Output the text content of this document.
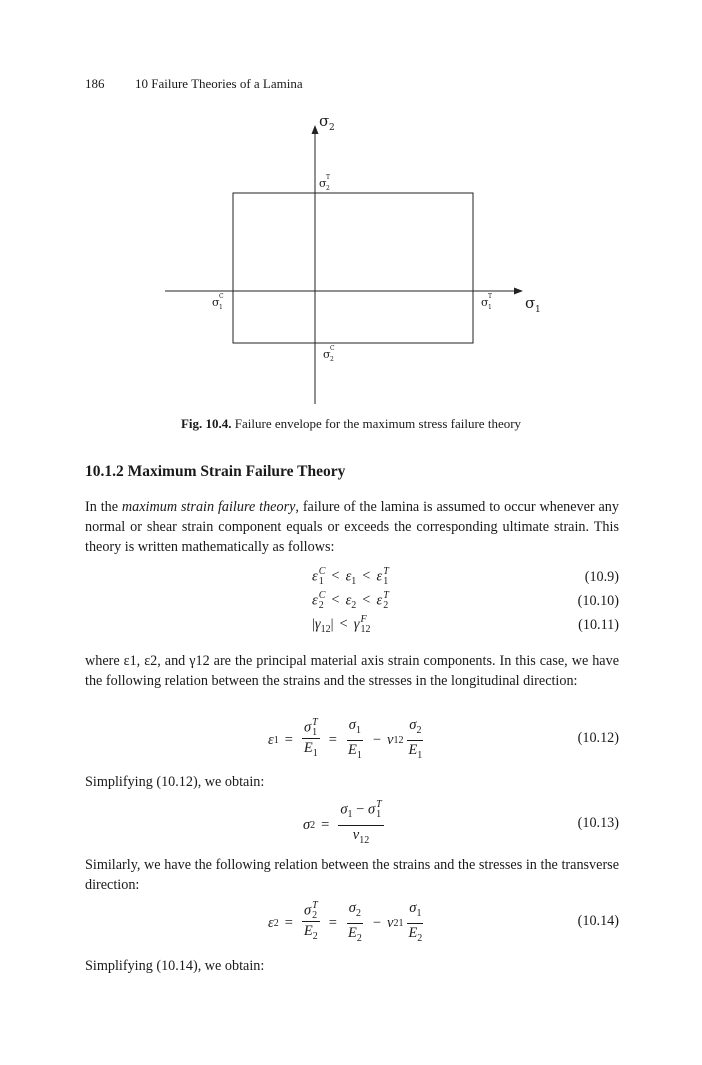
186 10 Failure Theories of a Lamina
σ 2
σ 1
σ T
2
σ C
2
σ C
1	σ T
1
Fig. 10.4. Failure envelope for the maximum stress failure theory
10.1.2 Maximum Strain Failure Theory
In the maximum strain failure theory, failure of the lamina is assumed to occur whenever any normal or shear strain component equals or exceeds the corresponding ultimate strain. This theory is written mathematically as follows:
ε C
$1 < \varepsilon_1 < \varepsilon$ T
1	(10.9)
ε C
$2 < \varepsilon_2 < \varepsilon$ T
2	(10.10)
$|\gamma_{12}| < \gamma$ F
12	(10.11)
where ε1, ε2, and γ12 are the principal material axis strain components. In this case, we have the following relation between the strains and the stresses in the longitudinal direction:
ε 1 = σ T
1
$E_1 = \frac{\sigma_1}{E_1} - \nu$ $12 \frac{\sigma_2}{E_1}$	(10.12)
Simplifying (10.12), we obtain:
σ $2 = \sigma_1 - \sigma$ T
1
$\nu_{12}$	(10.13)
Similarly, we have the following relation between the strains and the stresses in the transverse direction:
ε 2 = σ T
2
$E_2 = \frac{\sigma_2}{E_2} - \nu$ $21 \frac{\sigma_1}{E_2}$	(10.14)
Simplifying (10.14), we obtain:
